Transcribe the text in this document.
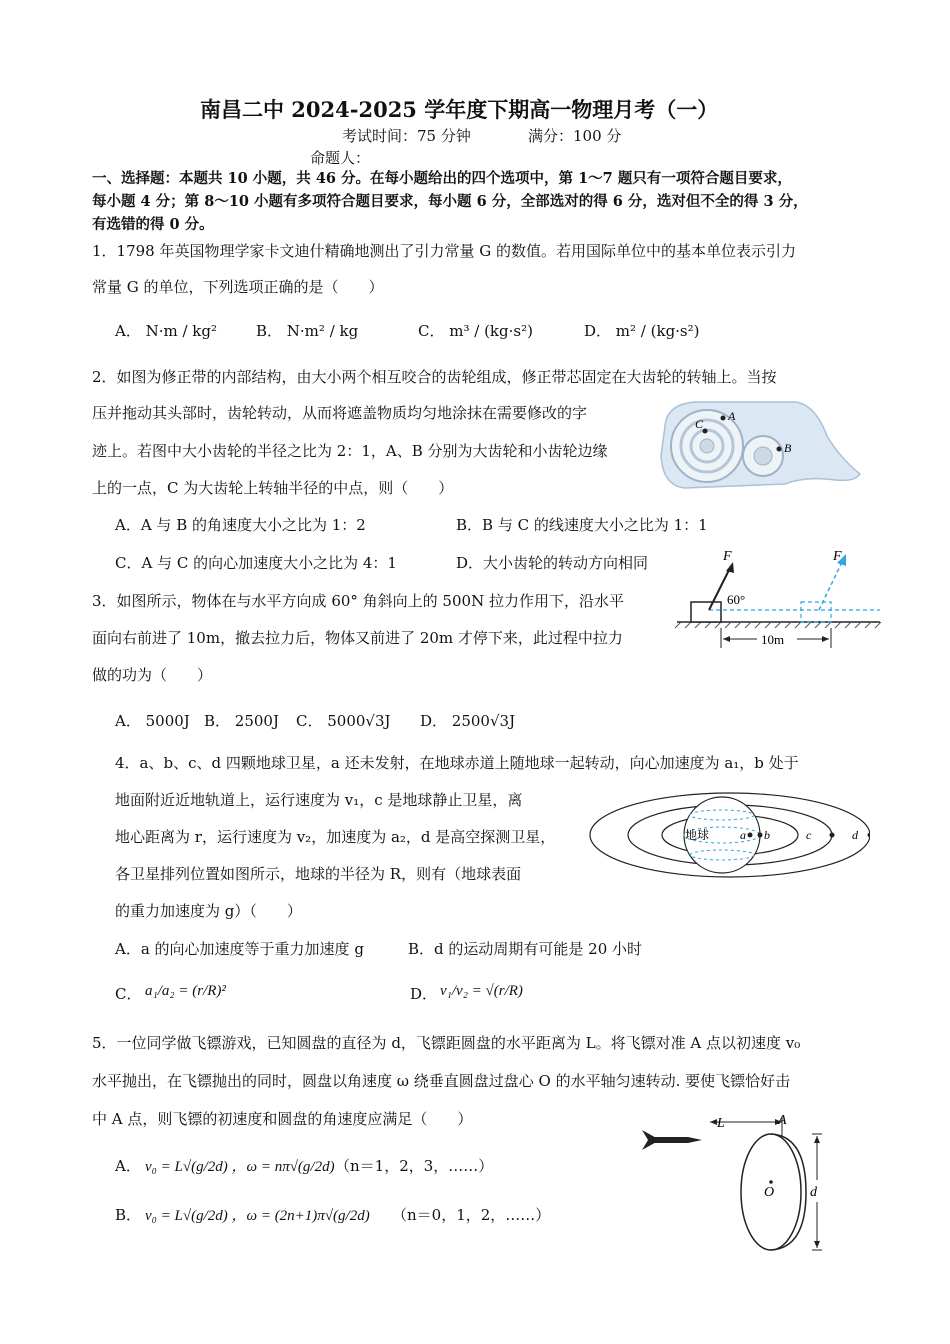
南昌二中 2024-2025 学年度下期高一物理月考（一）
考试时间：75 分钟	满分：100 分
命题人：
一、选择题：本题共 10 小题，共 46 分。在每小题给出的四个选项中，第 1～7 题只有一项符合题目要求，
每小题 4 分；第 8～10 小题有多项符合题目要求，每小题 6 分，全部选对的得 6 分，选对但不全的得 3 分，
有选错的得 0 分。
1．1798 年英国物理学家卡文迪什精确地测出了引力常量 G 的数值。若用国际单位中的基本单位表示引力
常量 G 的单位，下列选项正确的是（　　）
A． N·m / kg²	B． N·m² / kg	C． m³ / (kg·s²)	D． m² / (kg·s²)
2．如图为修正带的内部结构，由大小两个相互咬合的齿轮组成，修正带芯固定在大齿轮的转轴上。当按
压并拖动其头部时，齿轮转动，从而将遮盖物质均匀地涂抹在需要修改的字
迹上。若图中大小齿轮的半径之比为 2：1，A、B 分别为大齿轮和小齿轮边缘
上的一点，C 为大齿轮上转轴半径的中点，则（　　）
A．A 与 B 的角速度大小之比为 1：2	B．B 与 C 的线速度大小之比为 1：1
C．A 与 C 的向心加速度大小之比为 4：1	D．大小齿轮的转动方向相同
A
B
C
3．如图所示，物体在与水平方向成 60° 角斜向上的 500N 拉力作用下，沿水平
面向右前进了 10m，撤去拉力后，物体又前进了 20m 才停下来，此过程中拉力
做的功为（　　）
A． 5000J B． 2500J C． 5000√3J D． 2500√3J
F	F
60°
10m
4．a、b、c、d 四颗地球卫星，a 还未发射，在地球赤道上随地球一起转动，向心加速度为 a₁，b 处于
地面附近近地轨道上，运行速度为 v₁，c 是地球静止卫星，离
地心距离为 r，运行速度为 v₂，加速度为 a₂，d 是高空探测卫星，
各卫星排列位置如图所示，地球的半径为 R，则有（地球表面
的重力加速度为 g）（　　）
A．a 的向心加速度等于重力加速度 g	B．d 的运动周期有可能是 20 小时
C． a₁/a₂ = (r/R)²	D． v₁/v₂ = √(r/R)
地球	a b	c	d
5．一位同学做飞镖游戏，已知圆盘的直径为 d，飞镖距圆盘的水平距离为 L。将飞镖对准 A 点以初速度 v₀
水平抛出，在飞镖抛出的同时，圆盘以角速度 ω 绕垂直圆盘过盘心 O 的水平轴匀速转动. 要使飞镖恰好击
中 A 点，则飞镖的初速度和圆盘的角速度应满足（　　）
A． v₀ = L√(g/2d) ，ω = nπ√(g/2d) （n＝1，2，3，……）
B． v₀ = L√(g/2d) ，ω = (2n+1)π√(g/2d) （n＝0，1，2，……）
L	A
O	d
